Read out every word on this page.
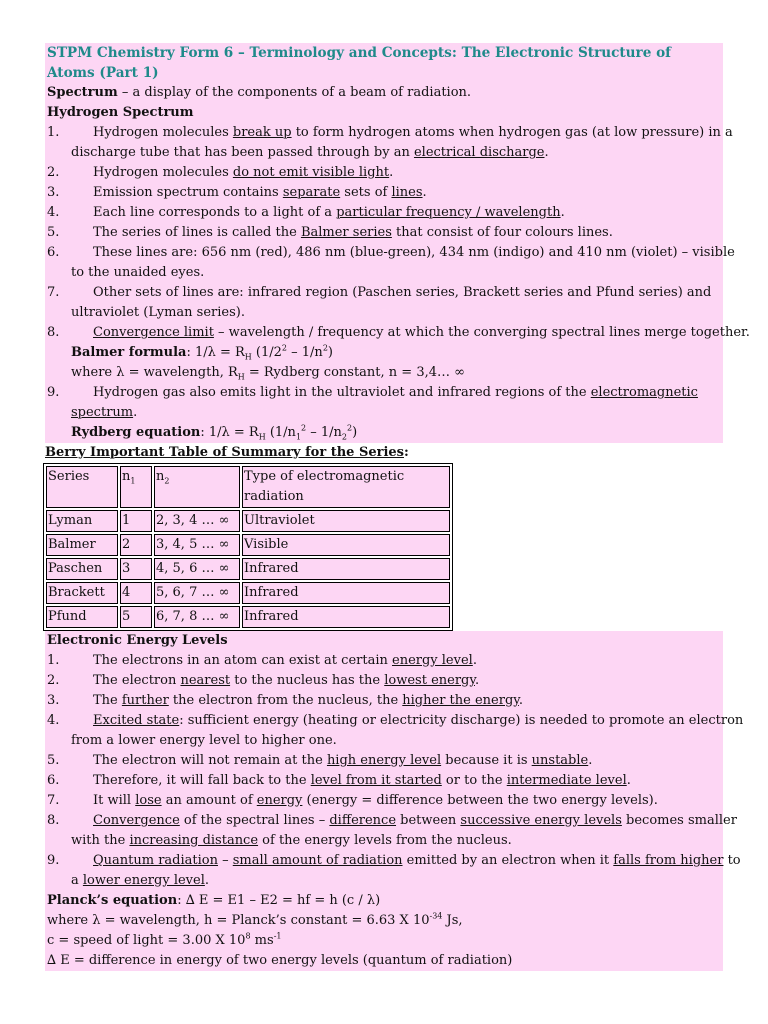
STPM Chemistry Form 6 – Terminology and Concepts: The Electronic Structure of Atoms (Part 1)
Spectrum – a display of the components of a beam of radiation.
Hydrogen Spectrum
1.	Hydrogen molecules break up to form hydrogen atoms when hydrogen gas (at low pressure) in a
discharge tube that has been passed through by an electrical discharge.
2.	Hydrogen molecules do not emit visible light.
3.	Emission spectrum contains separate sets of lines.
4.	Each line corresponds to a light of a particular frequency / wavelength.
5.	The series of lines is called the Balmer series that consist of four colours lines.
6.	These lines are: 656 nm (red), 486 nm (blue-green), 434 nm (indigo) and 410 nm (violet) – visible
to the unaided eyes.
7.	Other sets of lines are: infrared region (Paschen series, Brackett series and Pfund series) and
ultraviolet (Lyman series).
8.	Convergence limit – wavelength / frequency at which the converging spectral lines merge together.
Balmer formula: $1/\lambda = R_H$ $(1/2^2 - 1/n^2)$
where λ = wavelength, $R_H$ = Rydberg constant, n = 3,4… ∞
9.	Hydrogen gas also emits light in the ultraviolet and infrared regions of the electromagnetic
spectrum.
Rydberg equation: $1/\lambda = R_H$ $(1/n_1^2 - 1/n_2^2)$
Berry Important Table of Summary for the Series:
Series	$n_1$	$n_2$	Type of electromagnetic radiation
Lyman	1	2, 3, 4 … ∞	Ultraviolet
Balmer	2	3, 4, 5 … ∞	Visible
Paschen	3	4, 5, 6 … ∞	Infrared
Brackett	4	5, 6, 7 … ∞	Infrared
Pfund	5	6, 7, 8 … ∞	Infrared
Electronic Energy Levels
1.	The electrons in an atom can exist at certain energy level.
2.	The electron nearest to the nucleus has the lowest energy.
3.	The further the electron from the nucleus, the higher the energy.
4.	Excited state: sufficient energy (heating or electricity discharge) is needed to promote an electron
from a lower energy level to higher one.
5.	The electron will not remain at the high energy level because it is unstable.
6.	Therefore, it will fall back to the level from it started or to the intermediate level.
7.	It will lose an amount of energy (energy = difference between the two energy levels).
8.	Convergence of the spectral lines – difference between successive energy levels becomes smaller
with the increasing distance of the energy levels from the nucleus.
9.	Quantum radiation – small amount of radiation emitted by an electron when it falls from higher to
a lower energy level.
Planck’s equation: ∆ E = E1 – E2 = hf = h (c / λ)
where λ = wavelength, h = Planck’s constant = 6.63 X $10^{-34}$ Js,
c = speed of light = 3.00 X $10^8$ $ms^{-1}$
∆ E = difference in energy of two energy levels (quantum of radiation)
